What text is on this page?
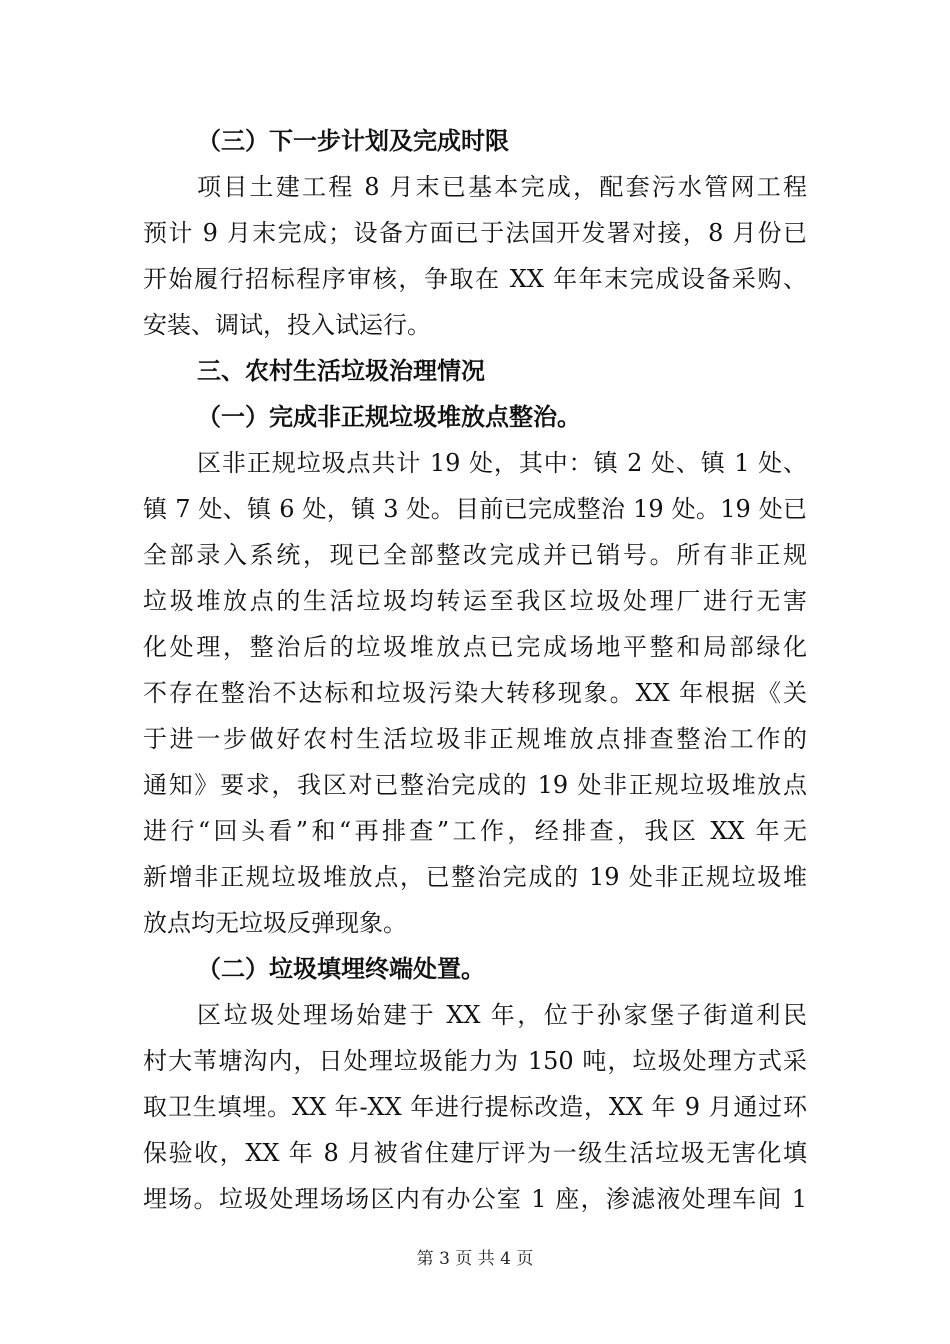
（三）下一步计划及完成时限
项目土建工程 8 月末已基本完成，配套污水管网工程
预计 9 月末完成；设备方面已于法国开发署对接，8 月份已
开始履行招标程序审核，争取在 XX 年年末完成设备采购、
安装、调试，投入试运行。
三、农村生活垃圾治理情况
（一）完成非正规垃圾堆放点整治。
区非正规垃圾点共计 19 处，其中：镇 2 处、镇 1 处、
镇 7 处、镇 6 处，镇 3 处。目前已完成整治 19 处。19 处已
全部录入系统，现已全部整改完成并已销号。所有非正规
垃圾堆放点的生活垃圾均转运至我区垃圾处理厂进行无害
化处理，整治后的垃圾堆放点已完成场地平整和局部绿化
不存在整治不达标和垃圾污染大转移现象。XX 年根据《关
于进一步做好农村生活垃圾非正规堆放点排查整治工作的
通知》要求，我区对已整治完成的 19 处非正规垃圾堆放点
进行“回头看”和“再排查”工作，经排查，我区 XX 年无
新增非正规垃圾堆放点，已整治完成的 19 处非正规垃圾堆
放点均无垃圾反弹现象。
（二）垃圾填埋终端处置。
区垃圾处理场始建于 XX 年，位于孙家堡子街道利民
村大苇塘沟内，日处理垃圾能力为 150 吨，垃圾处理方式采
取卫生填埋。XX 年-XX 年进行提标改造，XX 年 9 月通过环
保验收，XX 年 8 月被省住建厅评为一级生活垃圾无害化填
埋场。垃圾处理场场区内有办公室 1 座，渗滤液处理车间 1
第 3 页 共 4 页
